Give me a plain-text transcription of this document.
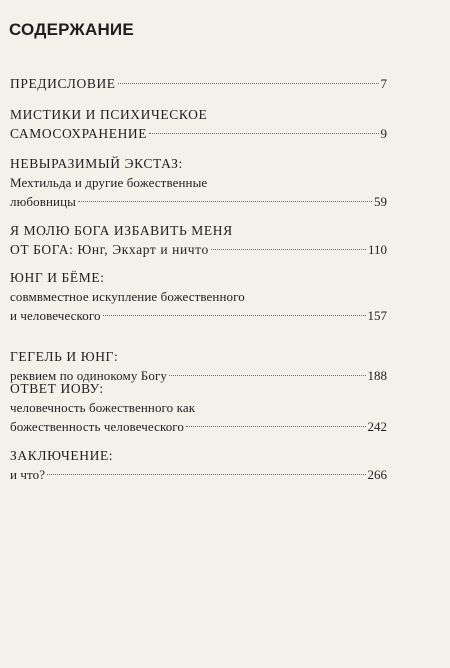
СОДЕРЖАНИЕ
ПРЕДИСЛОВИЕ	7
МИСТИКИ И ПСИХИЧЕСКОЕ
САМОСОХРАНЕНИЕ	9
НЕВЫРАЗИМЫЙ ЭКСТАЗ:
Мехтильда и другие божественные
любовницы	59
Я МОЛЮ БОГА ИЗБАВИТЬ МЕНЯ
ОТ БОГА: Юнг, Экхарт и ничто	110
ЮНГ И БЁМЕ:
совмвместное искупление божественного
и человеческого	157
ГЕГЕЛЬ И ЮНГ:
реквием по одинокому Богу	188
ОТВЕТ ИОВУ:
человечность божественного как
божественность человеческого	242
ЗАКЛЮЧЕНИЕ:
и что?	266
